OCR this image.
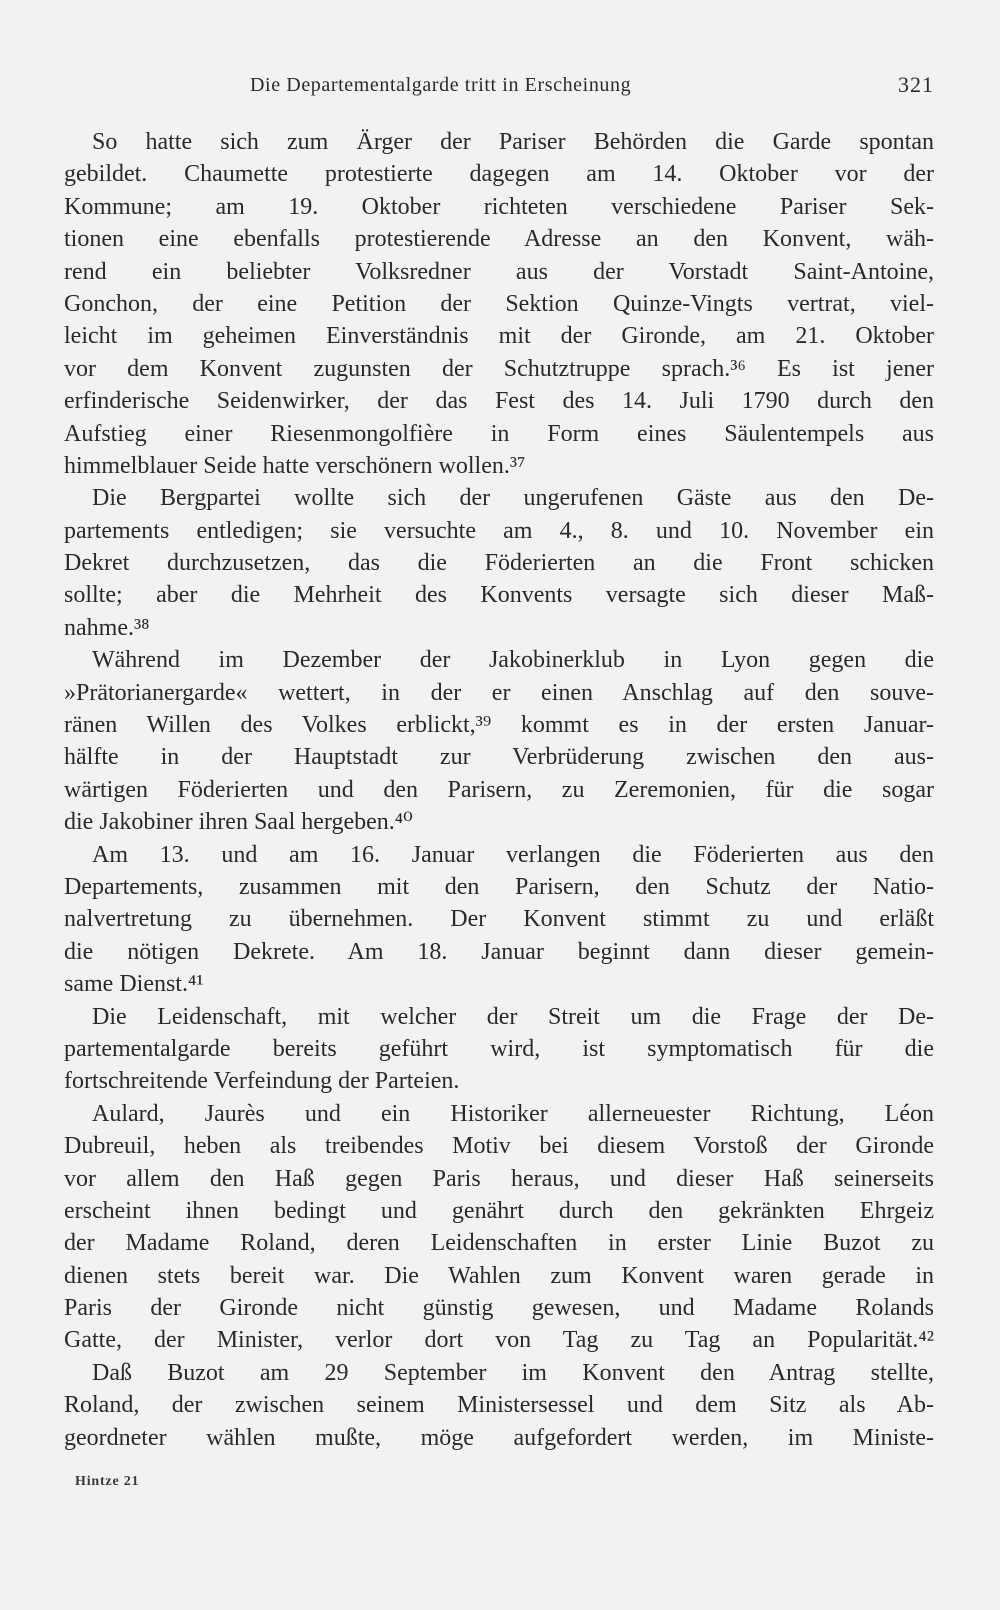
Die Departementalgarde tritt in Erscheinung	321
So hatte sich zum Ärger der Pariser Behörden die Garde spontan
gebildet. Chaumette protestierte dagegen am 14. Oktober vor der
Kommune; am 19. Oktober richteten verschiedene Pariser Sek-
tionen eine ebenfalls protestierende Adresse an den Konvent, wäh-
rend ein beliebter Volksredner aus der Vorstadt Saint-Antoine,
Gonchon, der eine Petition der Sektion Quinze-Vingts vertrat, viel-
leicht im geheimen Einverständnis mit der Gironde, am 21. Oktober
vor dem Konvent zugunsten der Schutztruppe sprach.³⁶ Es ist jener
erfinderische Seidenwirker, der das Fest des 14. Juli 1790 durch den
Aufstieg einer Riesenmongolfière in Form eines Säulentempels aus
himmelblauer Seide hatte verschönern wollen.³⁷
Die Bergpartei wollte sich der ungerufenen Gäste aus den De-
partements entledigen; sie versuchte am 4., 8. und 10. November ein
Dekret durchzusetzen, das die Föderierten an die Front schicken
sollte; aber die Mehrheit des Konvents versagte sich dieser Maß-
nahme.³⁸
Während im Dezember der Jakobinerklub in Lyon gegen die
»Prätorianergarde« wettert, in der er einen Anschlag auf den souve-
ränen Willen des Volkes erblickt,³⁹ kommt es in der ersten Januar-
hälfte in der Hauptstadt zur Verbrüderung zwischen den aus-
wärtigen Föderierten und den Parisern, zu Zeremonien, für die sogar
die Jakobiner ihren Saal hergeben.⁴⁰
Am 13. und am 16. Januar verlangen die Föderierten aus den
Departements, zusammen mit den Parisern, den Schutz der Natio-
nalvertretung zu übernehmen. Der Konvent stimmt zu und erläßt
die nötigen Dekrete. Am 18. Januar beginnt dann dieser gemein-
same Dienst.⁴¹
Die Leidenschaft, mit welcher der Streit um die Frage der De-
partementalgarde bereits geführt wird, ist symptomatisch für die
fortschreitende Verfeindung der Parteien.
Aulard, Jaurès und ein Historiker allerneuester Richtung, Léon
Dubreuil, heben als treibendes Motiv bei diesem Vorstoß der Gironde
vor allem den Haß gegen Paris heraus, und dieser Haß seinerseits
erscheint ihnen bedingt und genährt durch den gekränkten Ehrgeiz
der Madame Roland, deren Leidenschaften in erster Linie Buzot zu
dienen stets bereit war. Die Wahlen zum Konvent waren gerade in
Paris der Gironde nicht günstig gewesen, und Madame Rolands
Gatte, der Minister, verlor dort von Tag zu Tag an Popularität.⁴²
Daß Buzot am 29 September im Konvent den Antrag stellte,
Roland, der zwischen seinem Ministersessel und dem Sitz als Ab-
geordneter wählen mußte, möge aufgefordert werden, im Ministe-
Hintze 21
